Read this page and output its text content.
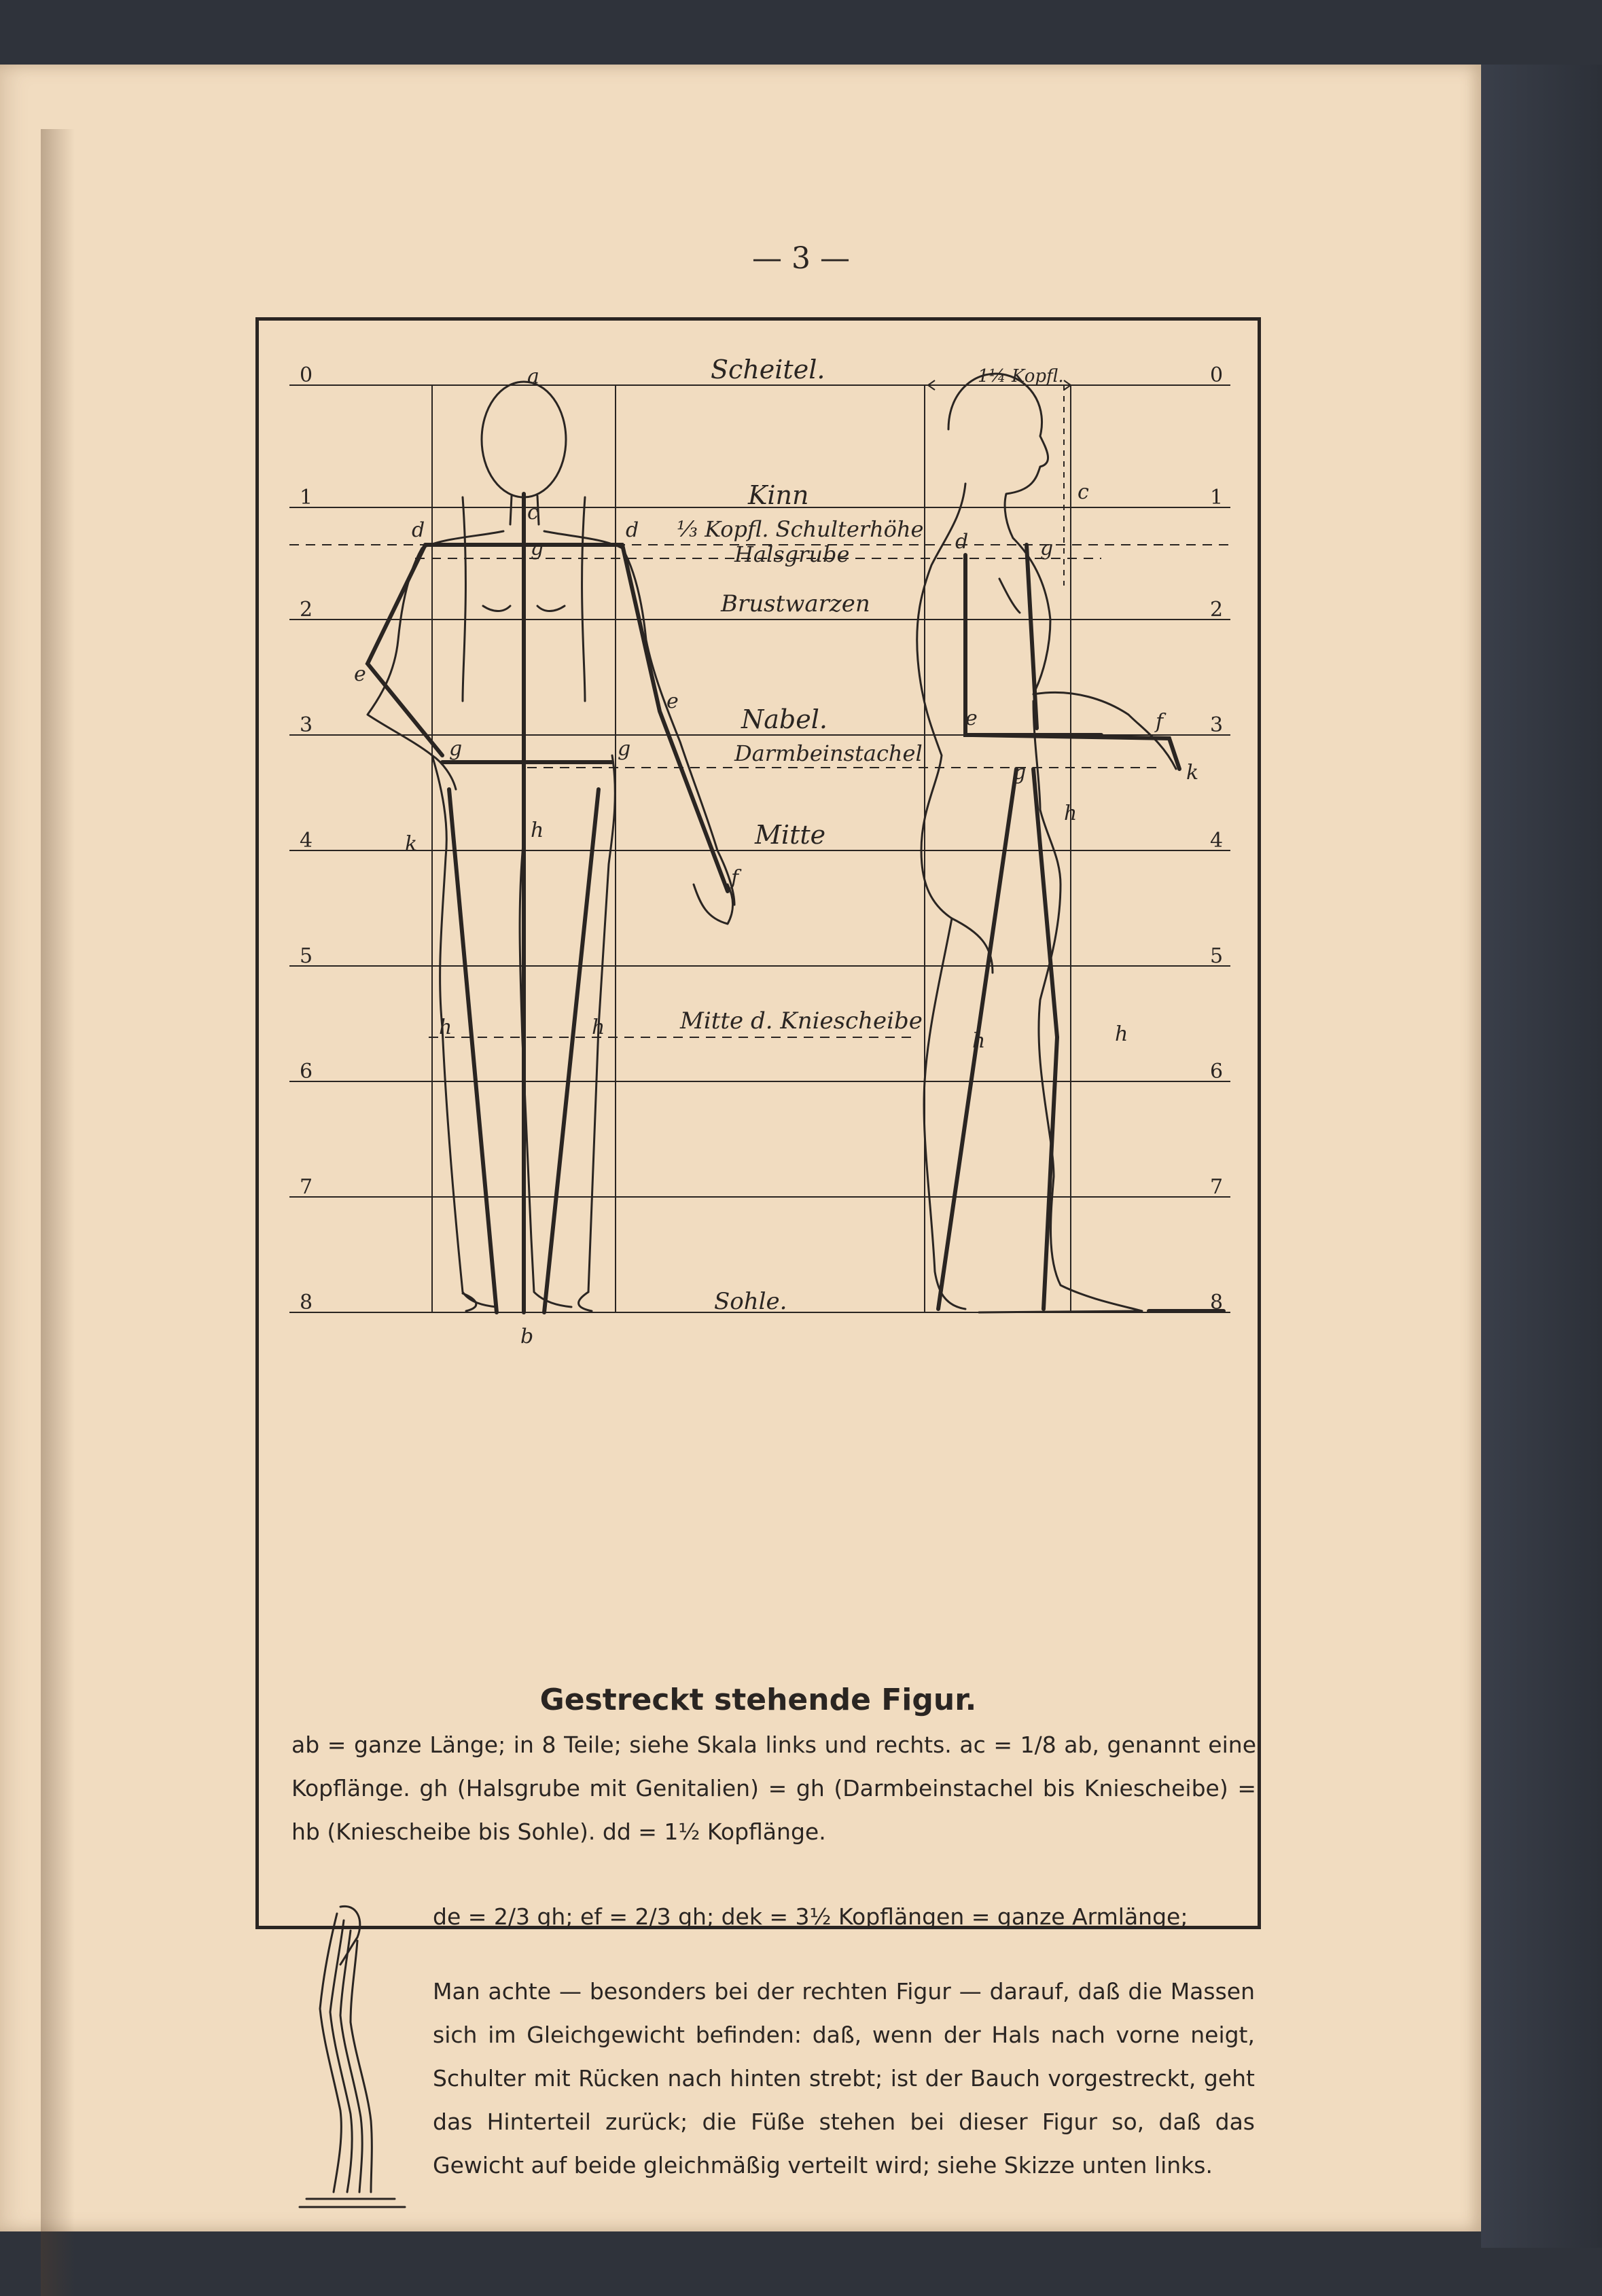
— 3 —
0
1
2
3
4
5
6
7
8
0
1
2
3
4
5
6
7
8
Scheitel.
Kinn
⅓ Kopfl. Schulterhöhe
Halsgrube
Brustwarzen
Nabel.
Darmbeinstachel
Mitte
Mitte d. Kniescheibe
Sohle.
1¼ Kopfl.
a
c
d	d
g
e
e
g	g
f
k
h
h	h
b
c
d	g
e	f
g	k
h
h	h
Gestreckt stehende Figur.
ab = ganze Länge; in 8 Teile; siehe Skala links und rechts. ac = 1/8 ab, genannt eine Kopflänge. gh (Halsgrube mit Genitalien) = gh (Darmbeinstachel bis Kniescheibe) = hb (Kniescheibe bis Sohle). dd = 1½ Kopflänge.
de = 2/3 gh; ef = 2/3 gh; dek = 3½ Kopflängen = ganze Armlänge;
Man achte — besonders bei der rechten Figur — darauf, daß die Massen sich im Gleichgewicht befinden: daß, wenn der Hals nach vorne neigt, Schulter mit Rücken nach hinten strebt; ist der Bauch vorgestreckt, geht das Hinterteil zurück; die Füße stehen bei dieser Figur so, daß das Gewicht auf beide gleichmäßig verteilt wird; siehe Skizze unten links.
